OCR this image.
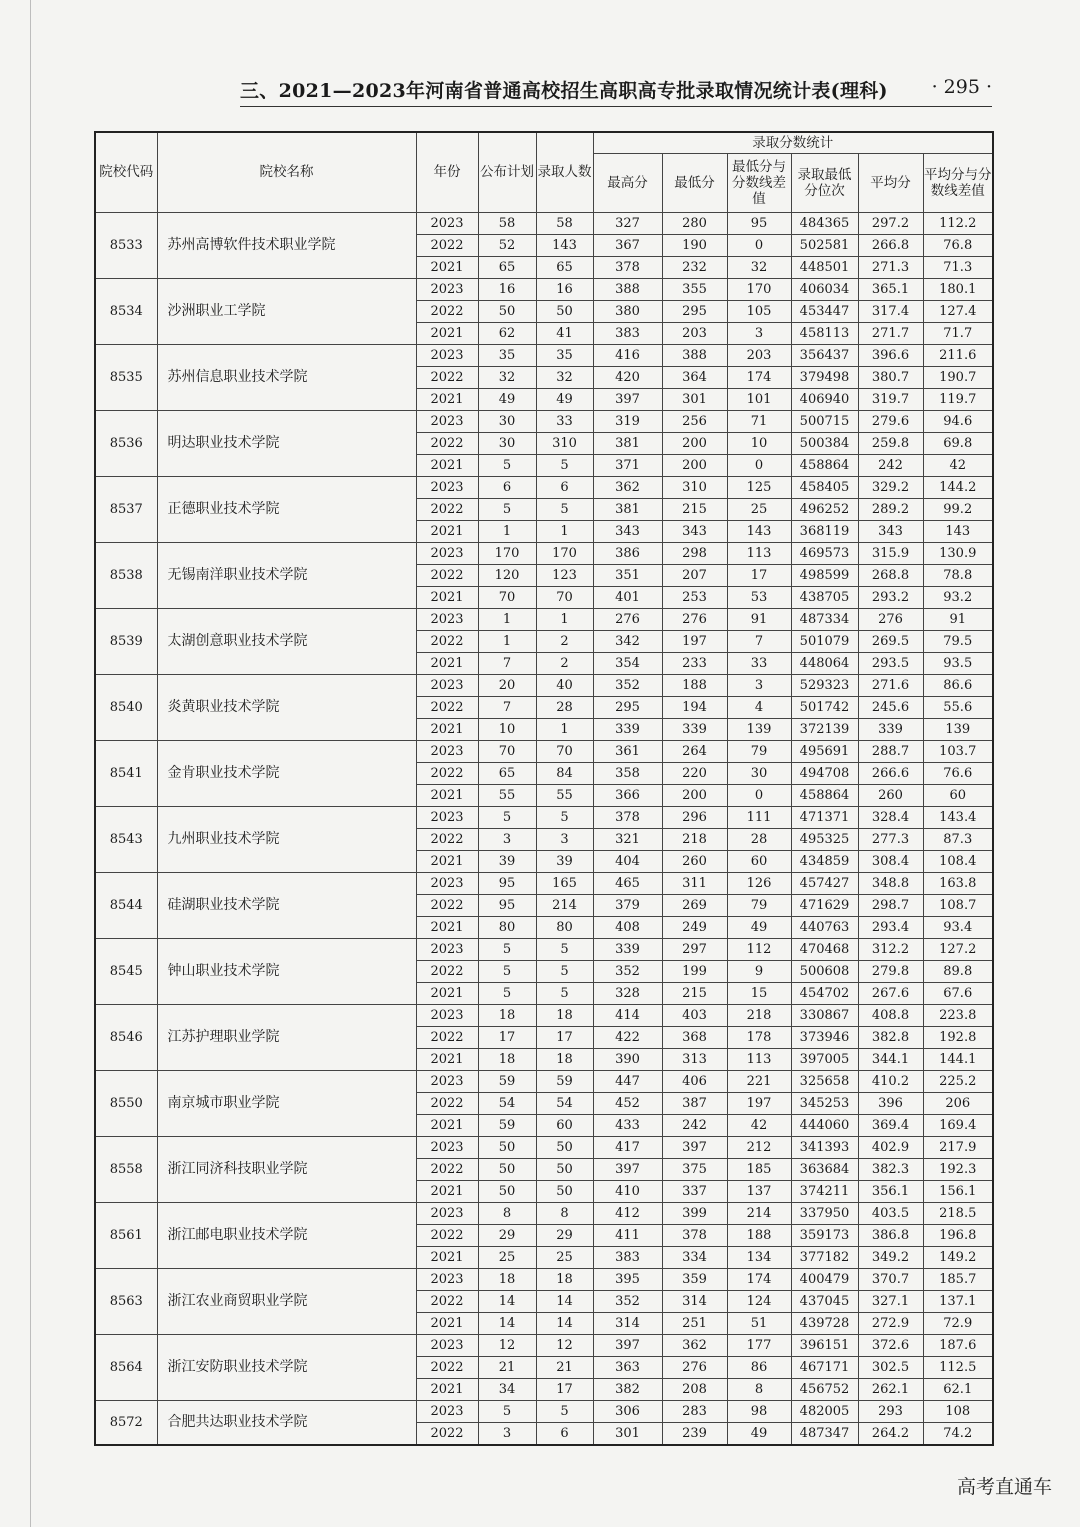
三、2021—2023年河南省普通高校招生高职高专批录取情况统计表(理科) · 295 ·
院校代码	院校名称	年份	公布计划	录取人数	录取分数统计					
					最高分	最低分	最低分与分数线差值	录取最低分位次	平均分	平均分与分数线差值
8533	苏州高博软件技术职业学院	2023	58	58	327	280	95	484365	297.2	112.2
		2022	52	143	367	190	0	502581	266.8	76.8
		2021	65	65	378	232	32	448501	271.3	71.3
8534	沙洲职业工学院	2023	16	16	388	355	170	406034	365.1	180.1
		2022	50	50	380	295	105	453447	317.4	127.4
		2021	62	41	383	203	3	458113	271.7	71.7
8535	苏州信息职业技术学院	2023	35	35	416	388	203	356437	396.6	211.6
		2022	32	32	420	364	174	379498	380.7	190.7
		2021	49	49	397	301	101	406940	319.7	119.7
8536	明达职业技术学院	2023	30	33	319	256	71	500715	279.6	94.6
		2022	30	310	381	200	10	500384	259.8	69.8
		2021	5	5	371	200	0	458864	242	42
8537	正德职业技术学院	2023	6	6	362	310	125	458405	329.2	144.2
		2022	5	5	381	215	25	496252	289.2	99.2
		2021	1	1	343	343	143	368119	343	143
8538	无锡南洋职业技术学院	2023	170	170	386	298	113	469573	315.9	130.9
		2022	120	123	351	207	17	498599	268.8	78.8
		2021	70	70	401	253	53	438705	293.2	93.2
8539	太湖创意职业技术学院	2023	1	1	276	276	91	487334	276	91
		2022	1	2	342	197	7	501079	269.5	79.5
		2021	7	2	354	233	33	448064	293.5	93.5
8540	炎黄职业技术学院	2023	20	40	352	188	3	529323	271.6	86.6
		2022	7	28	295	194	4	501742	245.6	55.6
		2021	10	1	339	339	139	372139	339	139
8541	金肯职业技术学院	2023	70	70	361	264	79	495691	288.7	103.7
		2022	65	84	358	220	30	494708	266.6	76.6
		2021	55	55	366	200	0	458864	260	60
8543	九州职业技术学院	2023	5	5	378	296	111	471371	328.4	143.4
		2022	3	3	321	218	28	495325	277.3	87.3
		2021	39	39	404	260	60	434859	308.4	108.4
8544	硅湖职业技术学院	2023	95	165	465	311	126	457427	348.8	163.8
		2022	95	214	379	269	79	471629	298.7	108.7
		2021	80	80	408	249	49	440763	293.4	93.4
8545	钟山职业技术学院	2023	5	5	339	297	112	470468	312.2	127.2
		2022	5	5	352	199	9	500608	279.8	89.8
		2021	5	5	328	215	15	454702	267.6	67.6
8546	江苏护理职业学院	2023	18	18	414	403	218	330867	408.8	223.8
		2022	17	17	422	368	178	373946	382.8	192.8
		2021	18	18	390	313	113	397005	344.1	144.1
8550	南京城市职业学院	2023	59	59	447	406	221	325658	410.2	225.2
		2022	54	54	452	387	197	345253	396	206
		2021	59	60	433	242	42	444060	369.4	169.4
8558	浙江同济科技职业学院	2023	50	50	417	397	212	341393	402.9	217.9
		2022	50	50	397	375	185	363684	382.3	192.3
		2021	50	50	410	337	137	374211	356.1	156.1
8561	浙江邮电职业技术学院	2023	8	8	412	399	214	337950	403.5	218.5
		2022	29	29	411	378	188	359173	386.8	196.8
		2021	25	25	383	334	134	377182	349.2	149.2
8563	浙江农业商贸职业学院	2023	18	18	395	359	174	400479	370.7	185.7
		2022	14	14	352	314	124	437045	327.1	137.1
		2021	14	14	314	251	51	439728	272.9	72.9
8564	浙江安防职业技术学院	2023	12	12	397	362	177	396151	372.6	187.6
		2022	21	21	363	276	86	467171	302.5	112.5
		2021	34	17	382	208	8	456752	262.1	62.1
8572	合肥共达职业技术学院	2023	5	5	306	283	98	482005	293	108
		2022	3	6	301	239	49	487347	264.2	74.2
高考直通车
